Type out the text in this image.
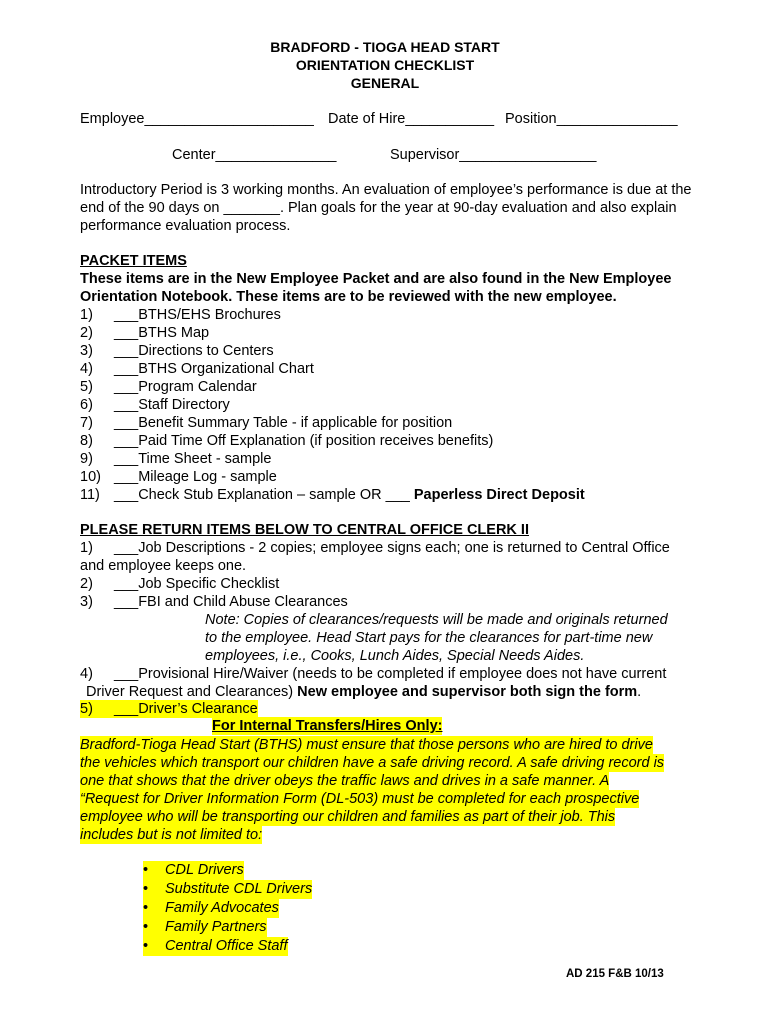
BRADFORD - TIOGA HEAD START
ORIENTATION CHECKLIST
GENERAL
Employee_____________________ Date of Hire___________ Position_______________
Center_______________	Supervisor_________________
Introductory Period is 3 working months. An evaluation of employee’s performance is due at the end of the 90 days on _______. Plan goals for the year at 90-day evaluation and also explain performance evaluation process.
PACKET ITEMS
These items are in the New Employee Packet and are also found in the New Employee Orientation Notebook. These items are to be reviewed with the new employee.
1) ___BTHS/EHS Brochures
2) ___BTHS Map
3) ___Directions to Centers
4) ___BTHS Organizational Chart
5) ___Program Calendar
6) ___Staff Directory
7) ___Benefit Summary Table - if applicable for position
8) ___Paid Time Off Explanation (if position receives benefits)
9) ___Time Sheet - sample
10) ___Mileage Log - sample
11) ___Check Stub Explanation – sample OR ___ Paperless Direct Deposit
PLEASE RETURN ITEMS BELOW TO CENTRAL OFFICE CLERK II
1) ___Job Descriptions - 2 copies; employee signs each; one is returned to Central Office
and employee keeps one.
2) ___Job Specific Checklist
3) ___FBI and Child Abuse Clearances
Note: Copies of clearances/requests will be made and originals returned
to the employee. Head Start pays for the clearances for part-time new
employees, i.e., Cooks, Lunch Aides, Special Needs Aides.
4) ___Provisional Hire/Waiver (needs to be completed if employee does not have current
Driver Request and Clearances) New employee and supervisor both sign the form.
5) ___Driver’s Clearance
For Internal Transfers/Hires Only:
Bradford-Tioga Head Start (BTHS) must ensure that those persons who are hired to drive
the vehicles which transport our children have a safe driving record. A safe driving record is
one that shows that the driver obeys the traffic laws and drives in a safe manner. A
“Request for Driver Information Form (DL-503) must be completed for each prospective
employee who will be transporting our children and families as part of their job. This
includes but is not limited to:
• CDL Drivers
• Substitute CDL Drivers
• Family Advocates
• Family Partners
• Central Office Staff
AD 215 F&B 10/13
